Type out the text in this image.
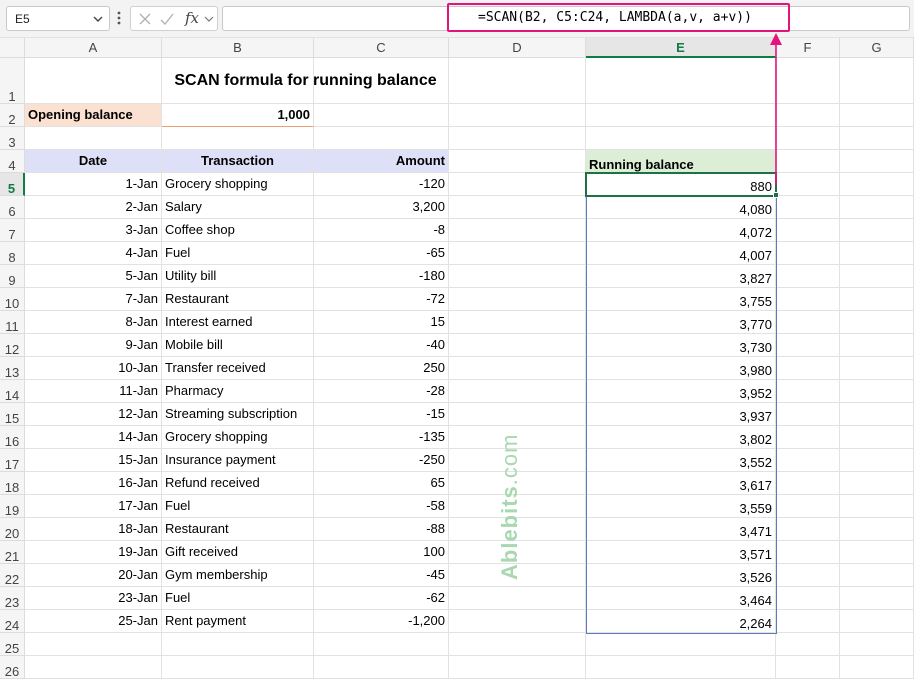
E5	fx	=SCAN(B2, C5:C24, LAMBDA(a,v, a+v))
A	B	C	D	E	F	G
1
2
3
4
5
6
7
8
9
10
11
12
13
14
15
16
17
18
19
20
21
22
23
24
25
26
SCAN formula for running balance
Opening balance	1,000
Date	Transaction	Amount	Running balance
1-Jan Grocery shopping	-120	880
2-Jan Salary	3,200	4,080
3-Jan Coffee shop	-8	4,072
4-Jan Fuel	-65	4,007
5-Jan Utility bill	-180	3,827
7-Jan Restaurant	-72	3,755
8-Jan Interest earned	15	3,770
9-Jan Mobile bill	-40	3,730
10-Jan Transfer received	250	3,980
11-Jan Pharmacy	-28	3,952
12-Jan Streaming subscription	-15	3,937
14-Jan Grocery shopping	-135	3,802
15-Jan Insurance payment	-250	3,552
16-Jan Refund received	65	3,617
17-Jan Fuel	-58	3,559
18-Jan Restaurant	-88	3,471
19-Jan Gift received	100	3,571
20-Jan Gym membership	-45	3,526
23-Jan Fuel	-62	3,464
25-Jan Rent payment	-1,200	2,264
Ablebits.com
